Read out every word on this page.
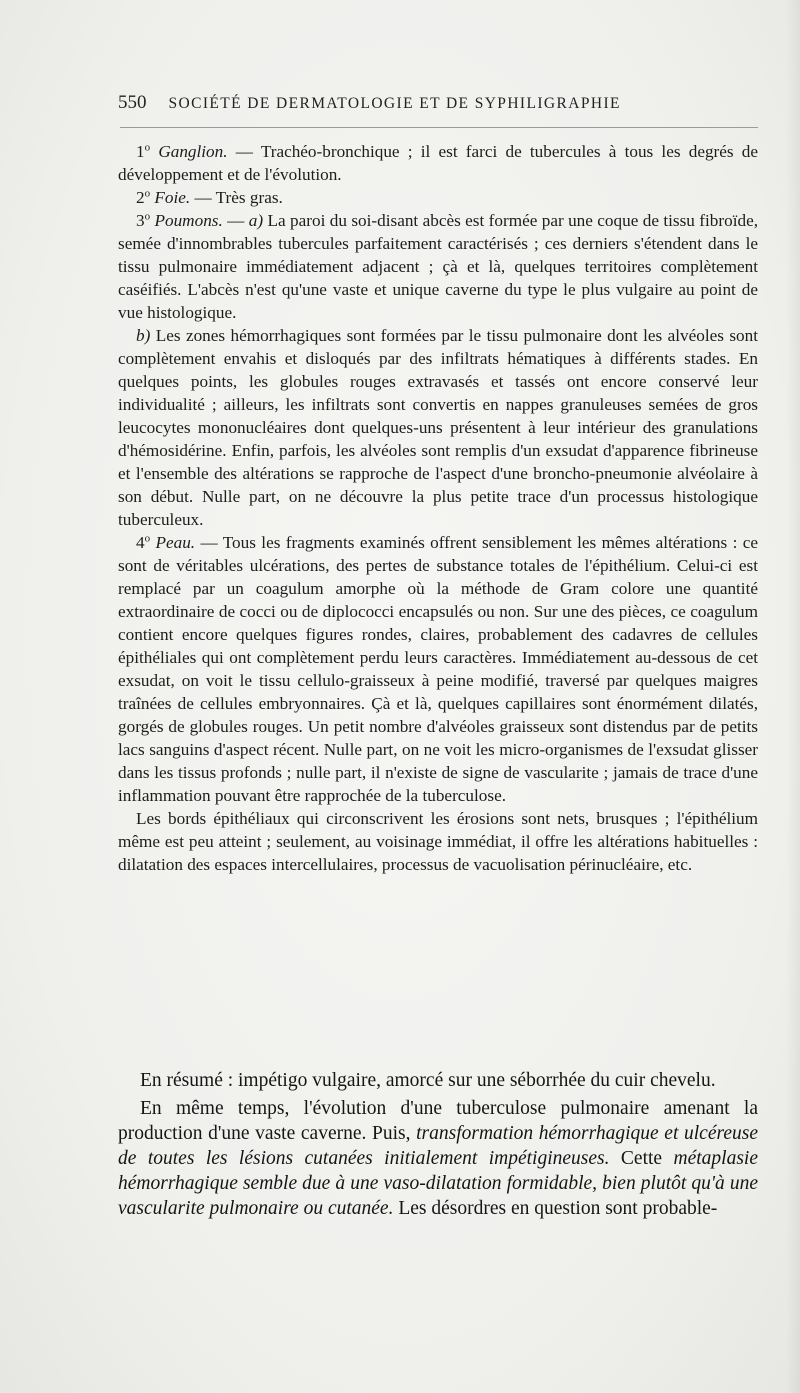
550 SOCIÉTÉ DE DERMATOLOGIE ET DE SYPHILIGRAPHIE

1$^o$ Ganglion. — Trachéo-bronchique ; il est farci de tubercules à tous les degrés de développement et de l'évolution.

2$^o$ Foie. — Très gras.

3$^o$ Poumons. — a) La paroi du soi-disant abcès est formée par une coque de tissu fibroïde, semée d'innombrables tubercules parfaitement caractérisés ; ces derniers s'étendent dans le tissu pulmonaire immédiatement adjacent ; çà et là, quelques territoires complètement caséifiés. L'abcès n'est qu'une vaste et unique caverne du type le plus vulgaire au point de vue histologique.

b) Les zones hémorrhagiques sont formées par le tissu pulmonaire dont les alvéoles sont complètement envahis et disloqués par des infiltrats hématiques à différents stades. En quelques points, les globules rouges extravasés et tassés ont encore conservé leur individualité ; ailleurs, les infiltrats sont convertis en nappes granuleuses semées de gros leucocytes mononucléaires dont quelques-uns présentent à leur intérieur des granulations d'hémosidérine. Enfin, parfois, les alvéoles sont remplis d'un exsudat d'apparence fibrineuse et l'ensemble des altérations se rapproche de l'aspect d'une broncho-pneumonie alvéolaire à son début. Nulle part, on ne découvre la plus petite trace d'un processus histologique tuberculeux.

4$^o$ Peau. — Tous les fragments examinés offrent sensiblement les mêmes altérations : ce sont de véritables ulcérations, des pertes de substance totales de l'épithélium. Celui-ci est remplacé par un coagulum amorphe où la méthode de Gram colore une quantité extraordinaire de cocci ou de diplococci encapsulés ou non. Sur une des pièces, ce coagulum contient encore quelques figures rondes, claires, probablement des cadavres de cellules épithéliales qui ont complètement perdu leurs caractères. Immédiatement au-dessous de cet exsudat, on voit le tissu cellulo-graisseux à peine modifié, traversé par quelques maigres traînées de cellules embryonnaires. Çà et là, quelques capillaires sont énormément dilatés, gorgés de globules rouges. Un petit nombre d'alvéoles graisseux sont distendus par de petits lacs sanguins d'aspect récent. Nulle part, on ne voit les micro-organismes de l'exsudat glisser dans les tissus profonds ; nulle part, il n'existe de signe de vascularite ; jamais de trace d'une inflammation pouvant être rapprochée de la tuberculose.

Les bords épithéliaux qui circonscrivent les érosions sont nets, brusques ; l'épithélium même est peu atteint ; seulement, au voisinage immédiat, il offre les altérations habituelles : dilatation des espaces intercellulaires, processus de vacuolisation périnucléaire, etc.

En résumé : impétigo vulgaire, amorcé sur une séborrhée du cuir chevelu.

En même temps, l'évolution d'une tuberculose pulmonaire amenant la production d'une vaste caverne. Puis, transformation hémorrhagique et ulcéreuse de toutes les lésions cutanées initialement impétigineuses. Cette métaplasie hémorrhagique semble due à une vaso-dilatation formidable, bien plutôt qu'à une vascularite pulmonaire ou cutanée. Les désordres en question sont probable-
